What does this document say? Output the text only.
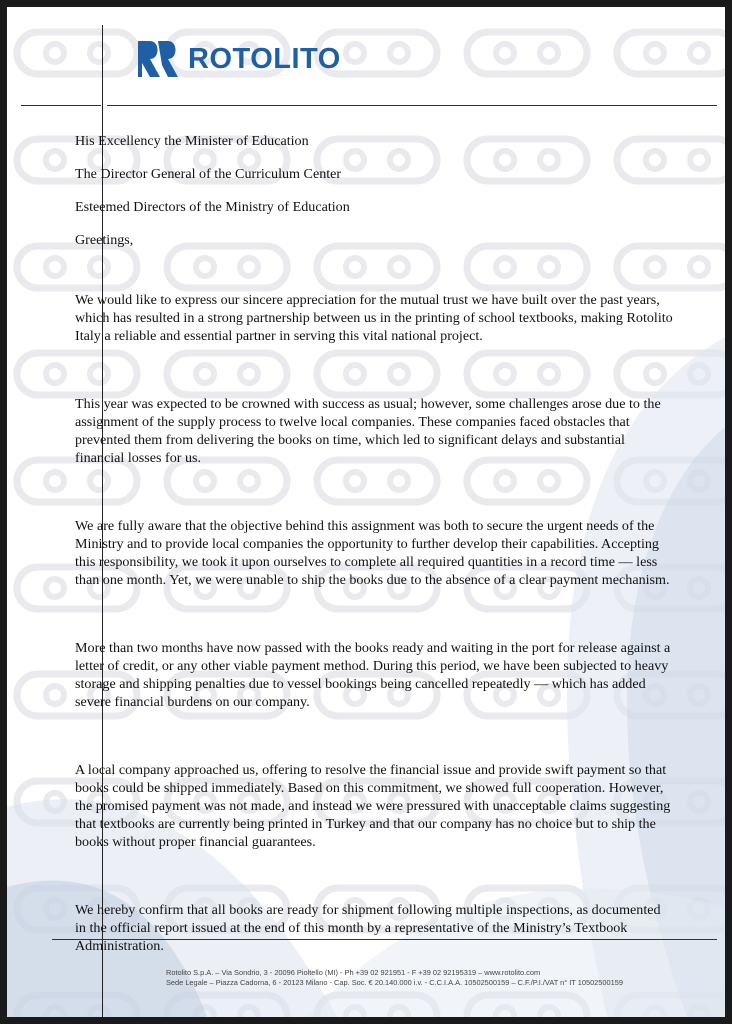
ROTOLITO

His Excellency the Minister of Education

The Director General of the Curriculum Center

Esteemed Directors of the Ministry of Education

Greetings,

We would like to express our sincere appreciation for the mutual trust we have built over the past years, which has resulted in a strong partnership between us in the printing of school textbooks, making Rotolito Italy a reliable and essential partner in serving this vital national project.

This year was expected to be crowned with success as usual; however, some challenges arose due to the assignment of the supply process to twelve local companies. These companies faced obstacles that prevented them from delivering the books on time, which led to significant delays and substantial financial losses for us.

We are fully aware that the objective behind this assignment was both to secure the urgent needs of the Ministry and to provide local companies the opportunity to further develop their capabilities. Accepting this responsibility, we took it upon ourselves to complete all required quantities in a record time — less than one month. Yet, we were unable to ship the books due to the absence of a clear payment mechanism.

More than two months have now passed with the books ready and waiting in the port for release against a letter of credit, or any other viable payment method. During this period, we have been subjected to heavy storage and shipping penalties due to vessel bookings being cancelled repeatedly — which has added severe financial burdens on our company.

A local company approached us, offering to resolve the financial issue and provide swift payment so that books could be shipped immediately. Based on this commitment, we showed full cooperation. However, the promised payment was not made, and instead we were pressured with unacceptable claims suggesting that textbooks are currently being printed in Turkey and that our company has no choice but to ship the books without proper financial guarantees.

We hereby confirm that all books are ready for shipment following multiple inspections, as documented in the official report issued at the end of this month by a representative of the Ministry’s Textbook Administration.

Rotolito S.p.A. – Via Sondrio, 3 - 20096 Pioltello (MI) - Ph +39 02 921951 - F +39 02 92195319 – www.rotolito.com
Sede Legale – Piazza Cadorna, 6 - 20123 Milano - Cap. Soc. € 20.140.000 i.v. - C.C.I.A.A. 10502500159 – C.F./P.I./VAT n° IT 10502500159
